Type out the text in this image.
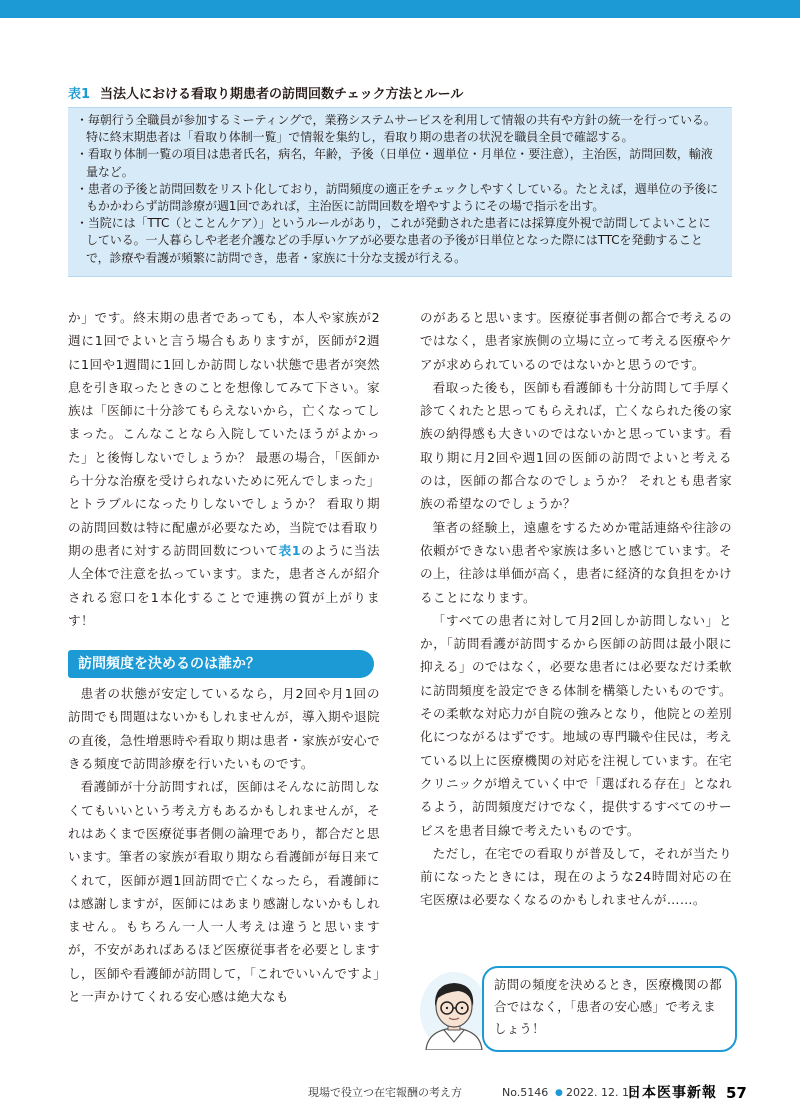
表1 当法人における看取り期患者の訪問回数チェック方法とルール
・毎朝行う全職員が参加するミーティングで，業務システムサービスを利用して情報の共有や方針の統一を行っている。特に終末期患者は「看取り体制一覧」で情報を集約し，看取り期の患者の状況を職員全員で確認する。
・看取り体制一覧の項目は患者氏名，病名，年齢，予後（日単位・週単位・月単位・要注意），主治医，訪問回数，輸液量など。
・患者の予後と訪問回数をリスト化しており，訪問頻度の適正をチェックしやすくしている。たとえば，週単位の予後にもかかわらず訪問診療が週1回であれば，主治医に訪問回数を増やすようにその場で指示を出す。
・当院には「TTC（とことんケア）」というルールがあり，これが発動された患者には採算度外視で訪問してよいことにしている。一人暮らしや老老介護などの手厚いケアが必要な患者の予後が日単位となった際にはTTCを発動することで，診療や看護が頻繁に訪問でき，患者・家族に十分な支援が行える。

か」です。終末期の患者であっても，本人や家族が2週に1回でよいと言う場合もありますが，医師が2週に1回や1週間に1回しか訪問しない状態で患者が突然息を引き取ったときのことを想像してみて下さい。家族は「医師に十分診てもらえないから，亡くなってしまった。こんなことなら入院していたほうがよかった」と後悔しないでしょうか？ 最悪の場合，「医師から十分な治療を受けられないために死んでしまった」とトラブルになったりしないでしょうか？ 看取り期の訪問回数は特に配慮が必要なため，当院では看取り期の患者に対する訪問回数について表1のように当法人全体で注意を払っています。また，患者さんが紹介される窓口を1本化することで連携の質が上がります！

訪問頻度を決めるのは誰か？

患者の状態が安定しているなら，月2回や月1回の訪問でも問題はないかもしれませんが，導入期や退院の直後，急性増悪時や看取り期は患者・家族が安心できる頻度で訪問診療を行いたいものです。

看護師が十分訪問すれば，医師はそんなに訪問しなくてもいいという考え方もあるかもしれませんが，それはあくまで医療従事者側の論理であり，都合だと思います。筆者の家族が看取り期なら看護師が毎日来てくれて，医師が週1回訪問で亡くなったら，看護師には感謝しますが，医師にはあまり感謝しないかもしれません。もちろん一人一人考えは違うと思いますが，不安があればあるほど医療従事者を必要としますし，医師や看護師が訪問して，「これでいいんですよ」と一声かけてくれる安心感は絶大なも

のがあると思います。医療従事者側の都合で考えるのではなく，患者家族側の立場に立って考える医療やケアが求められているのではないかと思うのです。

看取った後も，医師も看護師も十分訪問して手厚く診てくれたと思ってもらえれば，亡くなられた後の家族の納得感も大きいのではないかと思っています。看取り期に月2回や週1回の医師の訪問でよいと考えるのは，医師の都合なのでしょうか？ それとも患者家族の希望なのでしょうか？

筆者の経験上，遠慮をするためか電話連絡や往診の依頼ができない患者や家族は多いと感じています。その上，往診は単価が高く，患者に経済的な負担をかけることになります。

「すべての患者に対して月2回しか訪問しない」とか，「訪問看護が訪問するから医師の訪問は最小限に抑える」のではなく，必要な患者には必要なだけ柔軟に訪問頻度を設定できる体制を構築したいものです。その柔軟な対応力が自院の強みとなり，他院との差別化につながるはずです。地域の専門職や住民は，考えている以上に医療機関の対応を注視しています。在宅クリニックが増えていく中で「選ばれる存在」となれるよう，訪問頻度だけでなく，提供するすべてのサービスを患者目線で考えたいものです。

ただし，在宅での看取りが普及して，それが当たり前になったときには，現在のような24時間対応の在宅医療は必要なくなるのかもしれませんが……。

訪問の頻度を決めるとき，医療機関の都合ではなく，「患者の安心感」で考えましょう！
現場で役立つ在宅報酬の考え方	No.5146 ● 2022. 12. 10
日本医事新報 57
